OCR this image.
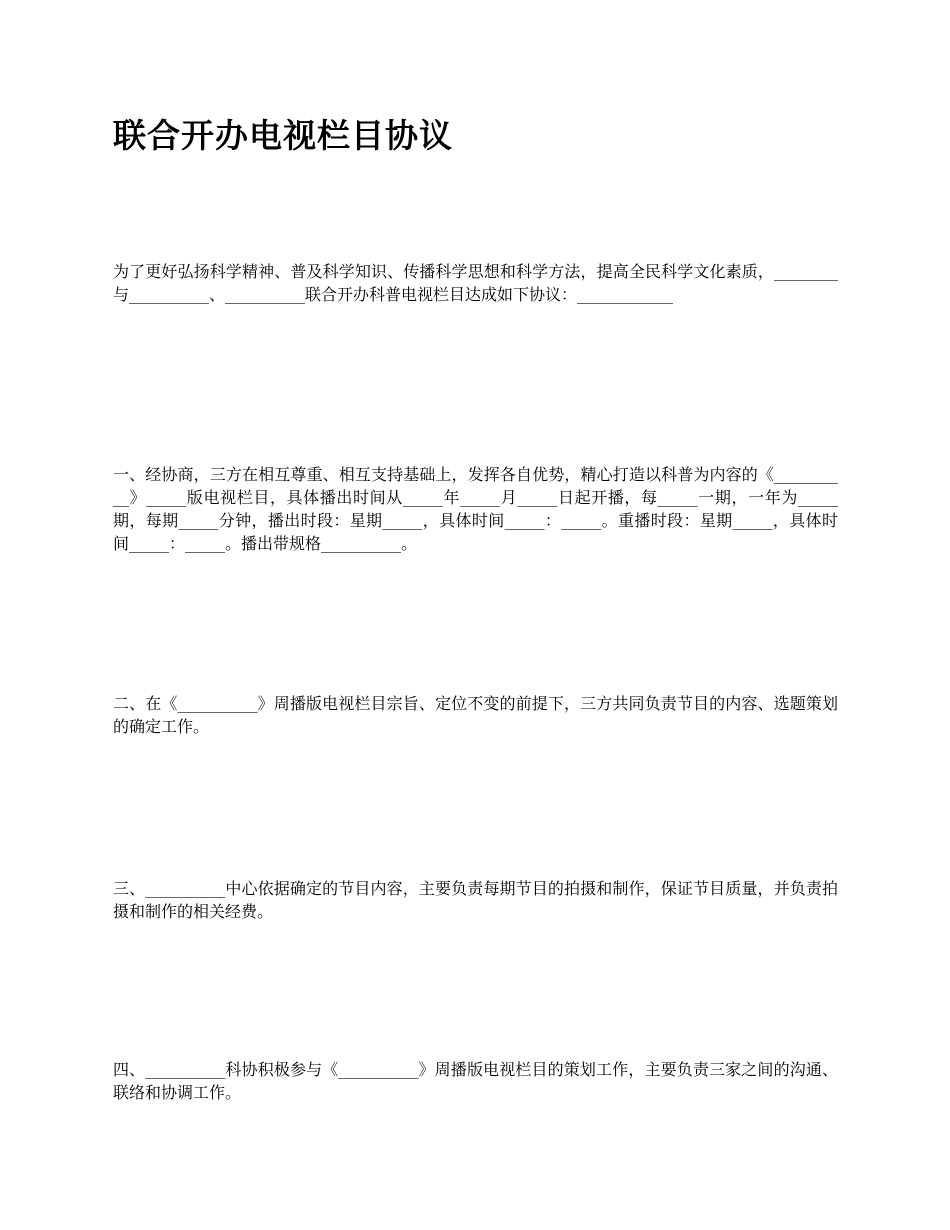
联合开办电视栏目协议

为了更好弘扬科学精神、普及科学知识、传播科学思想和科学方法，提高全民科学文化素质，________与__________、__________联合开办科普电视栏目达成如下协议：____________

一、经协商，三方在相互尊重、相互支持基础上，发挥各自优势，精心打造以科普为内容的《__________》_____版电视栏目，具体播出时间从_____年_____月_____日起开播，每_____一期，一年为_____期，每期_____分钟，播出时段：星期_____，具体时间_____：_____。重播时段：星期_____，具体时间_____：_____。播出带规格__________。

二、在《__________》周播版电视栏目宗旨、定位不变的前提下，三方共同负责节目的内容、选题策划的确定工作。

三、__________中心依据确定的节目内容，主要负责每期节目的拍摄和制作，保证节目质量，并负责拍摄和制作的相关经费。

四、__________科协积极参与《__________》周播版电视栏目的策划工作，主要负责三家之间的沟通、联络和协调工作。
